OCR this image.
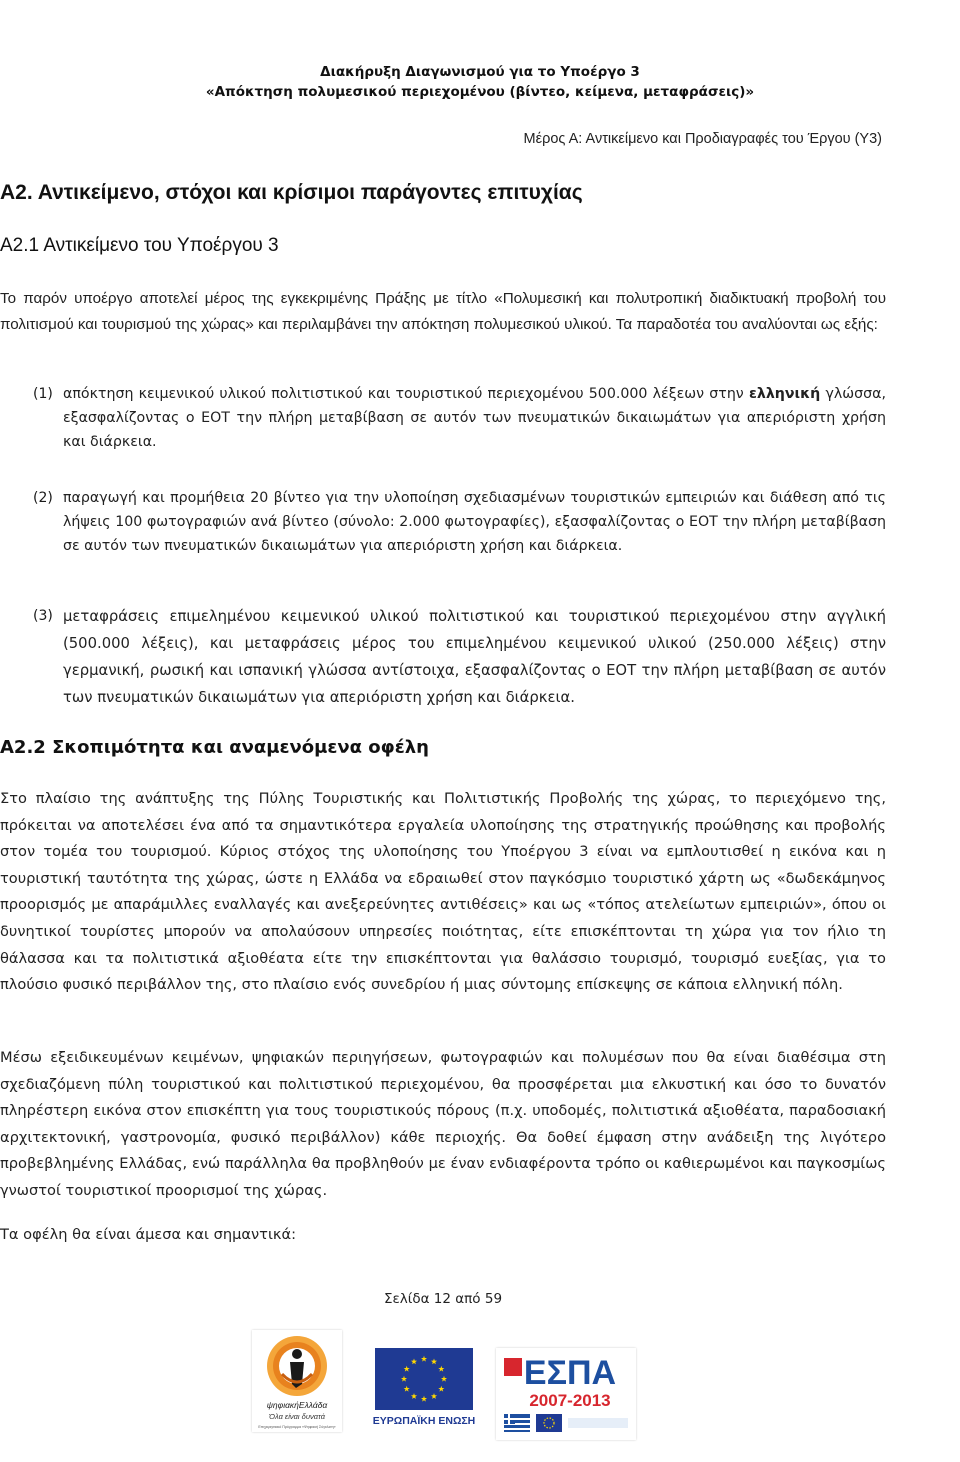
Διακήρυξη Διαγωνισμού για το Υποέργο 3
«Απόκτηση πολυμεσικού περιεχομένου (βίντεο, κείμενα, μεταφράσεις)»
Μέρος Α: Αντικείμενο και Προδιαγραφές του Έργου (Υ3)
Α2. Αντικείμενο, στόχοι και κρίσιμοι παράγοντες επιτυχίας
Α2.1 Αντικείμενο του Υποέργου 3

Το παρόν υποέργο αποτελεί μέρος της εγκεκριμένης Πράξης με τίτλο «Πολυμεσική και πολυτροπική διαδικτυακή προβολή του πολιτισμού και τουρισμού της χώρας» και περιλαμβάνει την απόκτηση πολυμεσικού υλικού. Τα παραδοτέα του αναλύονται ως εξής:

(1) απόκτηση κειμενικού υλικού πολιτιστικού και τουριστικού περιεχομένου 500.000 λέξεων στην ελληνική γλώσσα, εξασφαλίζοντας ο ΕΟΤ την πλήρη μεταβίβαση σε αυτόν των πνευματικών δικαιωμάτων για απεριόριστη χρήση και διάρκεια.
(2) παραγωγή και προμήθεια 20 βίντεο για την υλοποίηση σχεδιασμένων τουριστικών εμπειριών και διάθεση από τις λήψεις 100 φωτογραφιών ανά βίντεο (σύνολο: 2.000 φωτογραφίες), εξασφαλίζοντας ο ΕΟΤ την πλήρη μεταβίβαση σε αυτόν των πνευματικών δικαιωμάτων για απεριόριστη χρήση και διάρκεια.
(3) μεταφράσεις επιμελημένου κειμενικού υλικού πολιτιστικού και τουριστικού περιεχομένου στην αγγλική (500.000 λέξεις), και μεταφράσεις μέρος του επιμελημένου κειμενικού υλικού (250.000 λέξεις) στην γερμανική, ρωσική και ισπανική γλώσσα αντίστοιχα, εξασφαλίζοντας ο ΕΟΤ την πλήρη μεταβίβαση σε αυτόν των πνευματικών δικαιωμάτων για απεριόριστη χρήση και διάρκεια.
Α2.2 Σκοπιμότητα και αναμενόμενα οφέλη

Στο πλαίσιο της ανάπτυξης της Πύλης Τουριστικής και Πολιτιστικής Προβολής της χώρας, το περιεχόμενο της, πρόκειται να αποτελέσει ένα από τα σημαντικότερα εργαλεία υλοποίησης της στρατηγικής προώθησης και προβολής στον τομέα του τουρισμού. Κύριος στόχος της υλοποίησης του Υποέργου 3 είναι να εμπλουτισθεί η εικόνα και η τουριστική ταυτότητα της χώρας, ώστε η Ελλάδα να εδραιωθεί στον παγκόσμιο τουριστικό χάρτη ως «δωδεκάμηνος προορισμός με απαράμιλλες εναλλαγές και ανεξερεύνητες αντιθέσεις» και ως «τόπος ατελείωτων εμπειριών», όπου οι δυνητικοί τουρίστες μπορούν να απολαύσουν υπηρεσίες ποιότητας, είτε επισκέπτονται τη χώρα για τον ήλιο τη θάλασσα και τα πολιτιστικά αξιοθέατα είτε την επισκέπτονται για θαλάσσιο τουρισμό, τουρισμό ευεξίας, για το πλούσιο φυσικό περιβάλλον της, στο πλαίσιο ενός συνεδρίου ή μιας σύντομης επίσκεψης σε κάποια ελληνική πόλη.

Μέσω εξειδικευμένων κειμένων, ψηφιακών περιηγήσεων, φωτογραφιών και πολυμέσων που θα είναι διαθέσιμα στη σχεδιαζόμενη πύλη τουριστικού και πολιτιστικού περιεχομένου, θα προσφέρεται μια ελκυστική και όσο το δυνατόν πληρέστερη εικόνα στον επισκέπτη για τους τουριστικούς πόρους (π.χ. υποδομές, πολιτιστικά αξιοθέατα, παραδοσιακή αρχιτεκτονική, γαστρονομία, φυσικό περιβάλλον) κάθε περιοχής. Θα δοθεί έμφαση στην ανάδειξη της λιγότερο προβεβλημένης Ελλάδας, ενώ παράλληλα θα προβληθούν με έναν ενδιαφέροντα τρόπο οι καθιερωμένοι και παγκοσμίως γνωστοί τουριστικοί προορισμοί της χώρας.

Τα οφέλη θα είναι άμεσα και σημαντικά:

Σελίδα 12 από 59
ψηφιακήΕλλάδα
Όλα είναι δυνατά
Επιχειρησιακό Πρόγραμμα «Ψηφιακή Σύγκλιση»	ΕΥΡΩΠΑΪΚΗ ΕΝΩΣΗ
ΕΣΠΑ
2007-2013
